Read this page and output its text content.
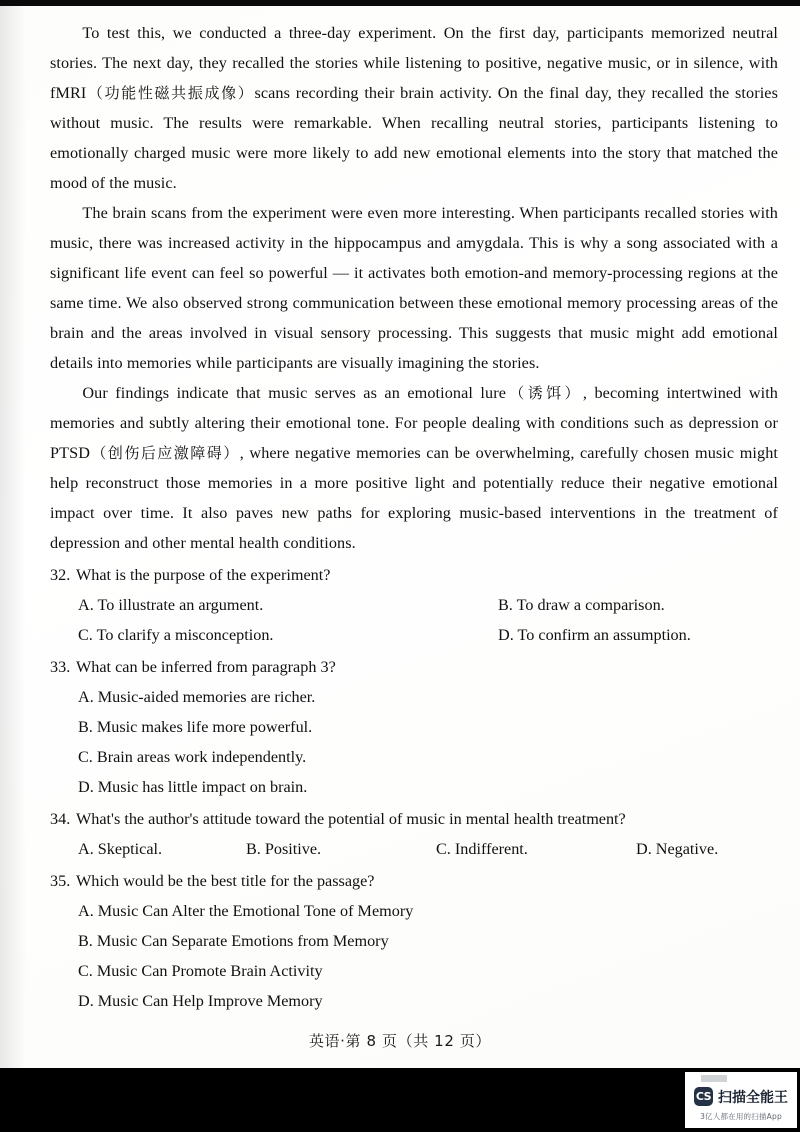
To test this, we conducted a three-day experiment. On the first day, participants memorized neutral stories. The next day, they recalled the stories while listening to positive, negative music, or in silence, with fMRI（功能性磁共振成像）scans recording their brain activity. On the final day, they recalled the stories without music. The results were remarkable. When recalling neutral stories, participants listening to emotionally charged music were more likely to add new emotional elements into the story that matched the mood of the music.

The brain scans from the experiment were even more interesting. When participants recalled stories with music, there was increased activity in the hippocampus and amygdala. This is why a song associated with a significant life event can feel so powerful — it activates both emotion-and memory-processing regions at the same time. We also observed strong communication between these emotional memory processing areas of the brain and the areas involved in visual sensory processing. This suggests that music might add emotional details into memories while participants are visually imagining the stories.

Our findings indicate that music serves as an emotional lure（诱饵）, becoming intertwined with memories and subtly altering their emotional tone. For people dealing with conditions such as depression or PTSD（创伤后应激障碍）, where negative memories can be overwhelming, carefully chosen music might help reconstruct those memories in a more positive light and potentially reduce their negative emotional impact over time. It also paves new paths for exploring music-based interventions in the treatment of depression and other mental health conditions.

32. What is the purpose of the experiment?
A. To illustrate an argument.	B. To draw a comparison.
C. To clarify a misconception.	D. To confirm an assumption.
33. What can be inferred from paragraph 3?
A. Music-aided memories are richer.
B. Music makes life more powerful.
C. Brain areas work independently.
D. Music has little impact on brain.
34. What's the author's attitude toward the potential of music in mental health treatment?
A. Skeptical.	B. Positive.	C. Indifferent.	D. Negative.
35. Which would be the best title for the passage?
A. Music Can Alter the Emotional Tone of Memory
B. Music Can Separate Emotions from Memory
C. Music Can Promote Brain Activity
D. Music Can Help Improve Memory
英语·第 8 页（共 12 页）
CS 扫描全能王
3亿人都在用的扫描App
